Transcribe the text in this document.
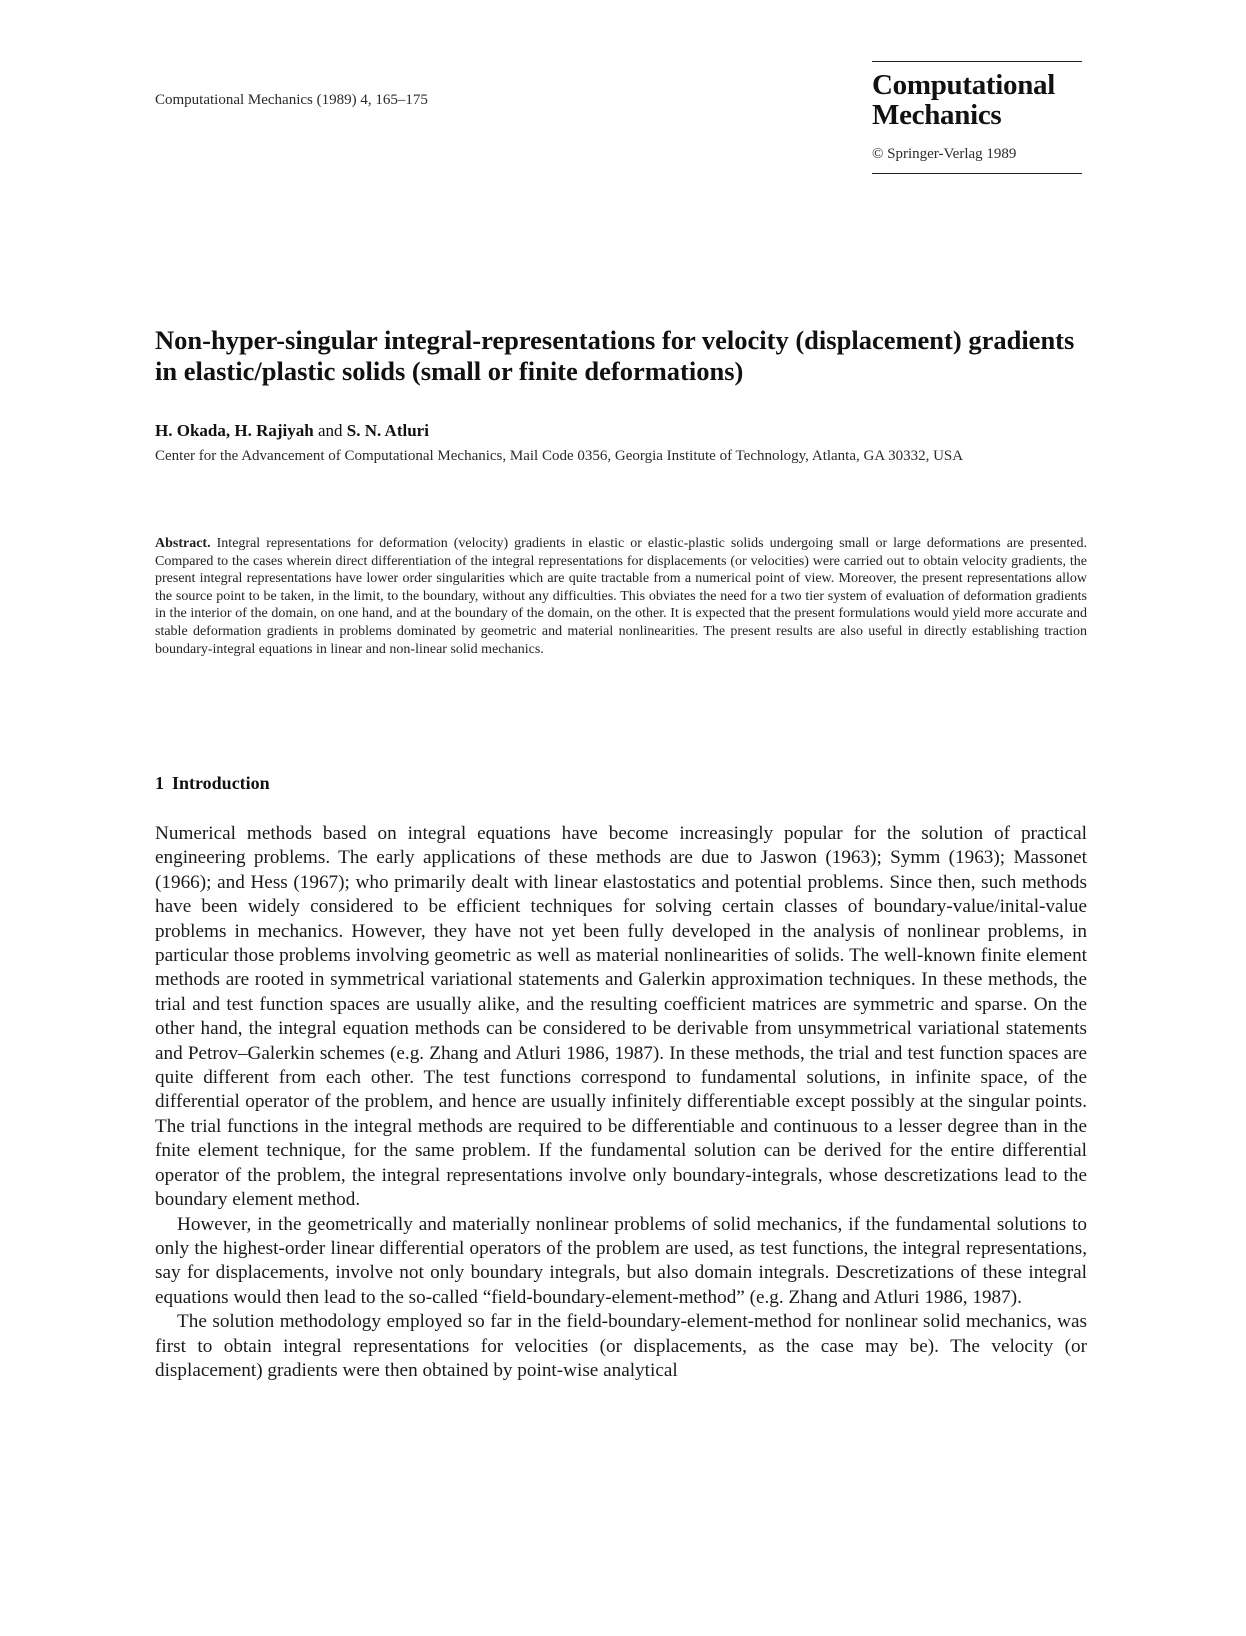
Computational Mechanics (1989) 4, 165–175	Computational
Mechanics
© Springer-Verlag 1989
Non-hyper-singular integral-representations for velocity (displacement) gradients in elastic/plastic solids (small or finite deformations)
H. Okada, H. Rajiyah and S. N. Atluri
Center for the Advancement of Computational Mechanics, Mail Code 0356, Georgia Institute of Technology, Atlanta, GA 30332, USA
Abstract. Integral representations for deformation (velocity) gradients in elastic or elastic-plastic solids undergoing small or large deformations are presented. Compared to the cases wherein direct differentiation of the integral representations for displacements (or velocities) were carried out to obtain velocity gradients, the present integral representations have lower order singularities which are quite tractable from a numerical point of view. Moreover, the present representations allow the source point to be taken, in the limit, to the boundary, without any difficulties. This obviates the need for a two tier system of evaluation of deformation gradients in the interior of the domain, on one hand, and at the boundary of the domain, on the other. It is expected that the present formulations would yield more accurate and stable deformation gradients in problems dominated by geometric and material nonlinearities. The present results are also useful in directly establishing traction boundary-integral equations in linear and non-linear solid mechanics.
1 Introduction

Numerical methods based on integral equations have become increasingly popular for the solution of practical engineering problems. The early applications of these methods are due to Jaswon (1963); Symm (1963); Massonet (1966); and Hess (1967); who primarily dealt with linear elastostatics and potential problems. Since then, such methods have been widely considered to be efficient techniques for solving certain classes of boundary-value/inital-value problems in mechanics. However, they have not yet been fully developed in the analysis of nonlinear problems, in particular those problems involving geometric as well as material nonlinearities of solids. The well-known finite element methods are rooted in symmetrical variational statements and Galerkin approximation techniques. In these methods, the trial and test function spaces are usually alike, and the resulting coefficient matrices are symmetric and sparse. On the other hand, the integral equation methods can be considered to be derivable from unsymmetrical variational statements and Petrov–Galerkin schemes (e.g. Zhang and Atluri 1986, 1987). In these methods, the trial and test function spaces are quite different from each other. The test functions correspond to fundamental solutions, in infinite space, of the differential operator of the problem, and hence are usually infinitely differentiable except possibly at the singular points. The trial functions in the integral methods are required to be differentiable and continuous to a lesser degree than in the fnite element technique, for the same problem. If the fundamental solution can be derived for the entire differential operator of the problem, the integral representations involve only boundary-integrals, whose descretizations lead to the boundary element method.

However, in the geometrically and materially nonlinear problems of solid mechanics, if the fundamental solutions to only the highest-order linear differential operators of the problem are used, as test functions, the integral representations, say for displacements, involve not only boundary integrals, but also domain integrals. Descretizations of these integral equations would then lead to the so-called “field-boundary-element-method” (e.g. Zhang and Atluri 1986, 1987).

The solution methodology employed so far in the field-boundary-element-method for nonlinear solid mechanics, was first to obtain integral representations for velocities (or displacements, as the case may be). The velocity (or displacement) gradients were then obtained by point-wise analytical
